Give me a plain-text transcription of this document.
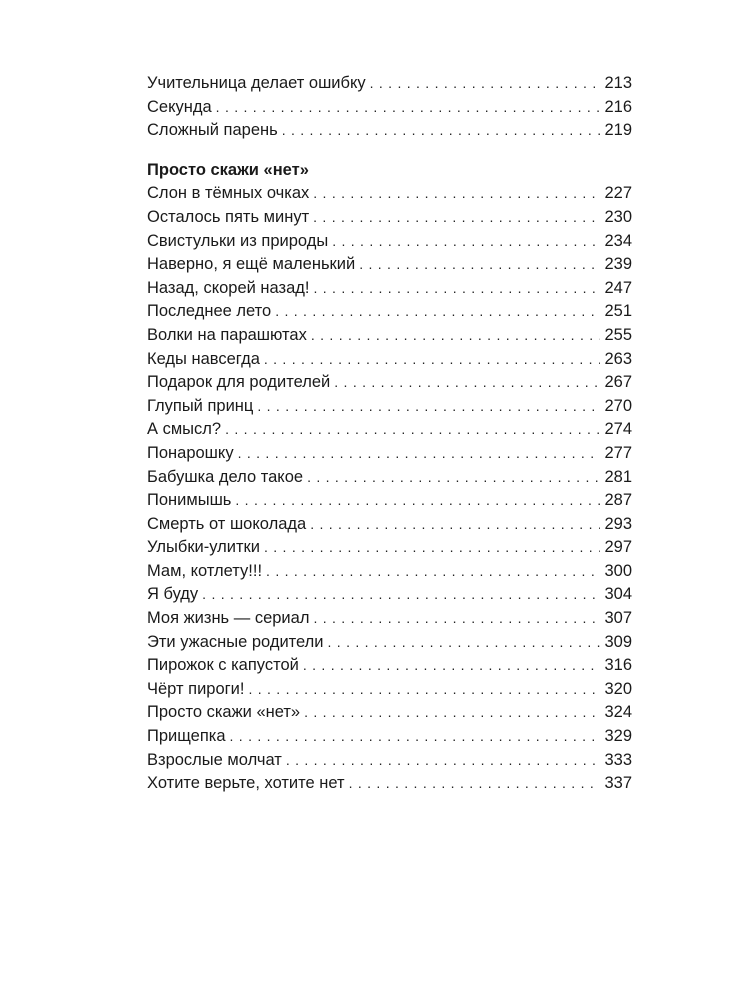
Учительница делает ошибку . . .	213
Секунда . . .	216
Сложный парень . . .	219
Просто скажи «нет»
Слон в тёмных очках . . .	227
Осталось пять минут . . .	230
Свистульки из природы . . .	234
Наверно, я ещё маленький . . .	239
Назад, скорей назад! . . .	247
Последнее лето . . .	251
Волки на парашютах . . .	255
Кеды навсегда . . .	263
Подарок для родителей . . .	267
Глупый принц . . .	270
А смысл? . . .	274
Понарошку . . .	277
Бабушка дело такое . . .	281
Понимышь . . .	287
Смерть от шоколада . . .	293
Улыбки-улитки . . .	297
Мам, котлету!!! . . .	300
Я буду . . .	304
Моя жизнь — сериал . . .	307
Эти ужасные родители . . .	309
Пирожок с капустой . . .	316
Чёрт пироги! . . .	320
Просто скажи «нет» . . .	324
Прищепка . . .	329
Взрослые молчат . . .	333
Хотите верьте, хотите нет . . .	337
